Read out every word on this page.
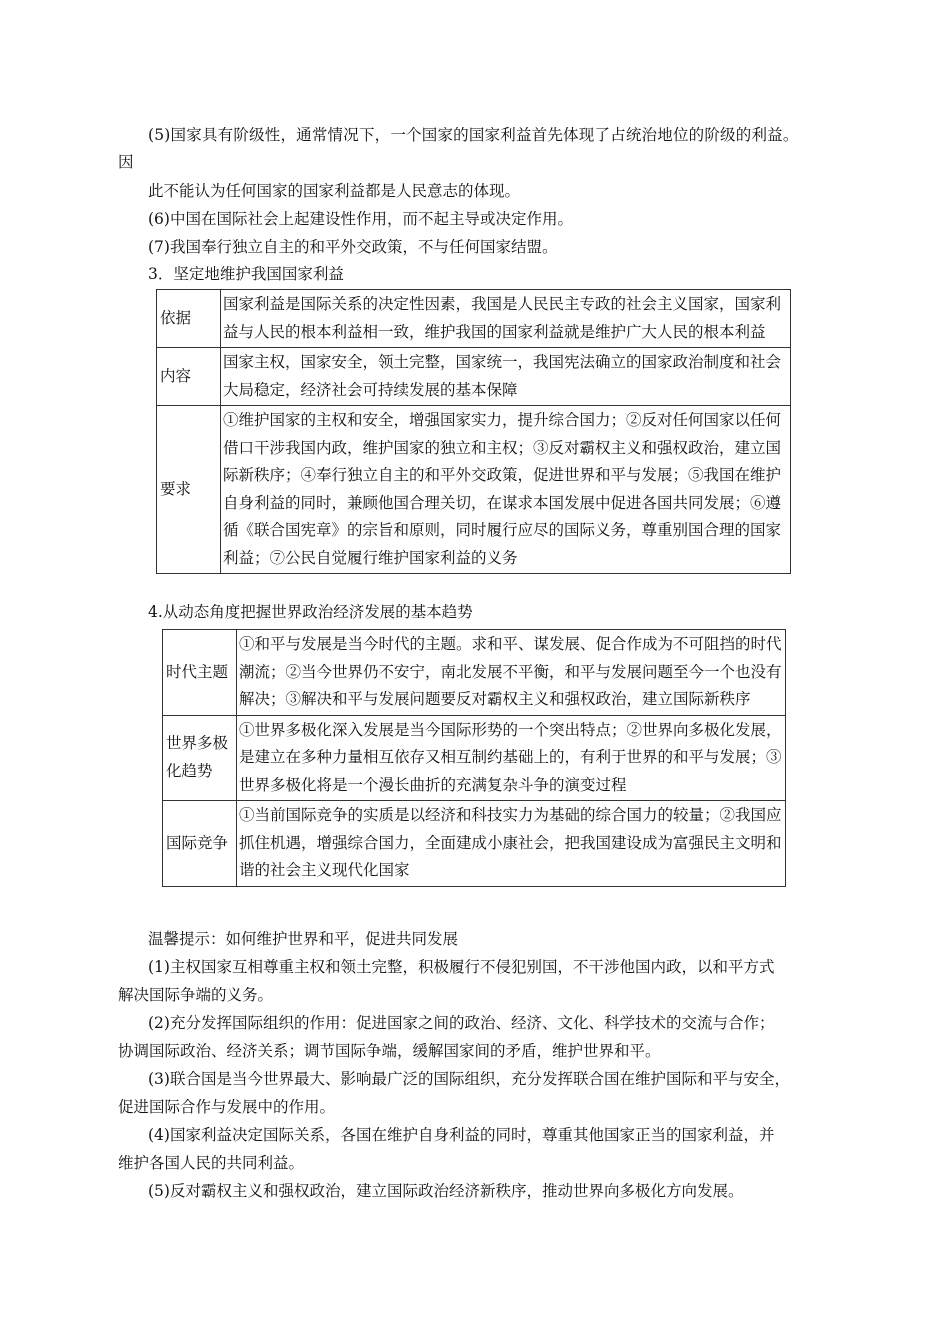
(5)国家具有阶级性，通常情况下，一个国家的国家利益首先体现了占统治地位的阶级的利益。
因
此不能认为任何国家的国家利益都是人民意志的体现。
(6)中国在国际社会上起建设性作用，而不起主导或决定作用。
(7)我国奉行独立自主的和平外交政策，不与任何国家结盟。
3．坚定地维护我国国家利益
依据	国家利益是国际关系的决定性因素，我国是人民民主专政的社会主义国家，国家利益与人民的根本利益相一致，维护我国的国家利益就是维护广大人民的根本利益
内容	国家主权，国家安全，领土完整，国家统一，我国宪法确立的国家政治制度和社会大局稳定，经济社会可持续发展的基本保障
要求	①维护国家的主权和安全，增强国家实力，提升综合国力；②反对任何国家以任何借口干涉我国内政，维护国家的独立和主权；③反对霸权主义和强权政治，建立国际新秩序；④奉行独立自主的和平外交政策，促进世界和平与发展；⑤我国在维护自身利益的同时，兼顾他国合理关切，在谋求本国发展中促进各国共同发展；⑥遵循《联合国宪章》的宗旨和原则，同时履行应尽的国际义务，尊重别国合理的国家利益；⑦公民自觉履行维护国家利益的义务
4.从动态角度把握世界政治经济发展的基本趋势
时代主题	①和平与发展是当今时代的主题。求和平、谋发展、促合作成为不可阻挡的时代潮流；②当今世界仍不安宁，南北发展不平衡，和平与发展问题至今一个也没有解决；③解决和平与发展问题要反对霸权主义和强权政治，建立国际新秩序
世界多极化趋势	①世界多极化深入发展是当今国际形势的一个突出特点；②世界向多极化发展，是建立在多种力量相互依存又相互制约基础上的，有利于世界的和平与发展；③世界多极化将是一个漫长曲折的充满复杂斗争的演变过程
国际竞争	①当前国际竞争的实质是以经济和科技实力为基础的综合国力的较量；②我国应抓住机遇，增强综合国力，全面建成小康社会，把我国建设成为富强民主文明和谐的社会主义现代化国家
温馨提示：如何维护世界和平，促进共同发展
(1)主权国家互相尊重主权和领土完整，积极履行不侵犯别国，不干涉他国内政，以和平方式
解决国际争端的义务。
(2)充分发挥国际组织的作用：促进国家之间的政治、经济、文化、科学技术的交流与合作；
协调国际政治、经济关系；调节国际争端，缓解国家间的矛盾，维护世界和平。
(3)联合国是当今世界最大、影响最广泛的国际组织，充分发挥联合国在维护国际和平与安全，
促进国际合作与发展中的作用。
(4)国家利益决定国际关系，各国在维护自身利益的同时，尊重其他国家正当的国家利益，并
维护各国人民的共同利益。
(5)反对霸权主义和强权政治，建立国际政治经济新秩序，推动世界向多极化方向发展。
